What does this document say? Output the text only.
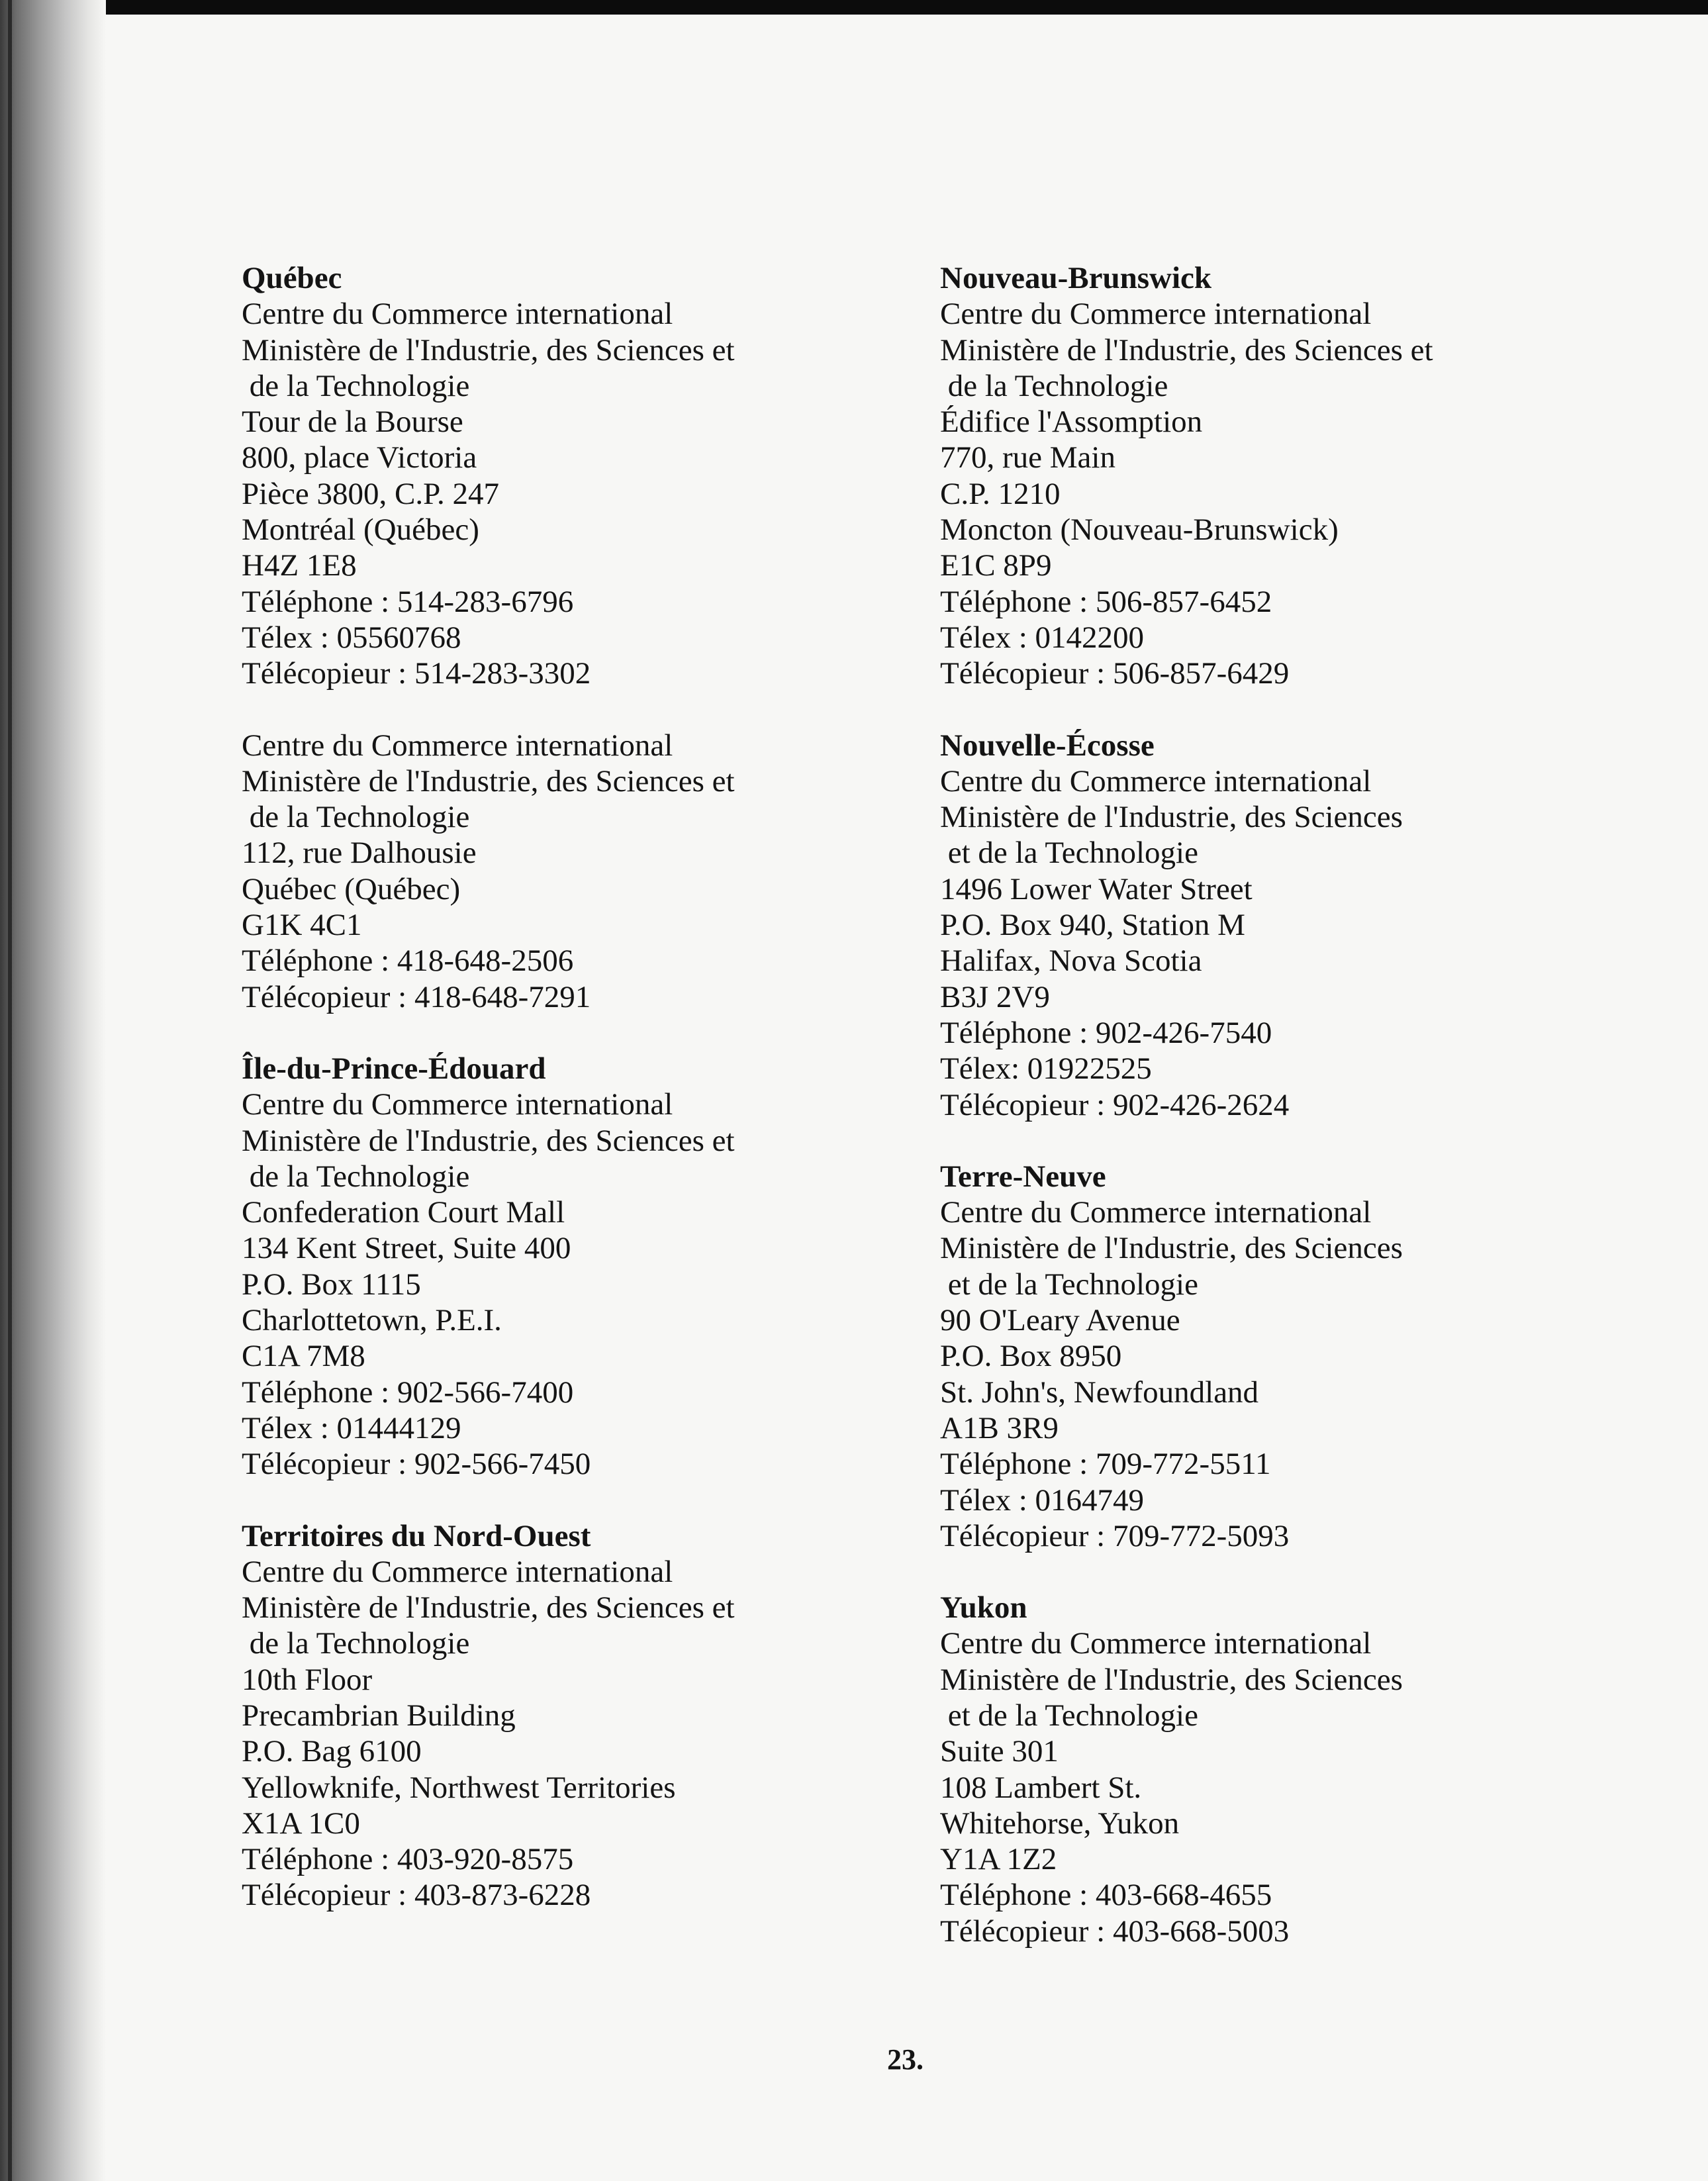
Québec
Centre du Commerce international
Ministère de l'Industrie, des Sciences et
de la Technologie
Tour de la Bourse
800, place Victoria
Pièce 3800, C.P. 247
Montréal (Québec)
H4Z 1E8
Téléphone : 514-283-6796
Télex : 05560768
Télécopieur : 514-283-3302
Centre du Commerce international
Ministère de l'Industrie, des Sciences et
de la Technologie
112, rue Dalhousie
Québec (Québec)
G1K 4C1
Téléphone : 418-648-2506
Télécopieur : 418-648-7291
Île-du-Prince-Édouard
Centre du Commerce international
Ministère de l'Industrie, des Sciences et
de la Technologie
Confederation Court Mall
134 Kent Street, Suite 400
P.O. Box 1115
Charlottetown, P.E.I.
C1A 7M8
Téléphone : 902-566-7400
Télex : 01444129
Télécopieur : 902-566-7450
Territoires du Nord-Ouest
Centre du Commerce international
Ministère de l'Industrie, des Sciences et
de la Technologie
10th Floor
Precambrian Building
P.O. Bag 6100
Yellowknife, Northwest Territories
X1A 1C0
Téléphone : 403-920-8575
Télécopieur : 403-873-6228
Nouveau-Brunswick
Centre du Commerce international
Ministère de l'Industrie, des Sciences et
de la Technologie
Édifice l'Assomption
770, rue Main
C.P. 1210
Moncton (Nouveau-Brunswick)
E1C 8P9
Téléphone : 506-857-6452
Télex : 0142200
Télécopieur : 506-857-6429
Nouvelle-Écosse
Centre du Commerce international
Ministère de l'Industrie, des Sciences
et de la Technologie
1496 Lower Water Street
P.O. Box 940, Station M
Halifax, Nova Scotia
B3J 2V9
Téléphone : 902-426-7540
Télex: 01922525
Télécopieur : 902-426-2624
Terre-Neuve
Centre du Commerce international
Ministère de l'Industrie, des Sciences
et de la Technologie
90 O'Leary Avenue
P.O. Box 8950
St. John's, Newfoundland
A1B 3R9
Téléphone : 709-772-5511
Télex : 0164749
Télécopieur : 709-772-5093
Yukon
Centre du Commerce international
Ministère de l'Industrie, des Sciences
et de la Technologie
Suite 301
108 Lambert St.
Whitehorse, Yukon
Y1A 1Z2
Téléphone : 403-668-4655
Télécopieur : 403-668-5003
23.
